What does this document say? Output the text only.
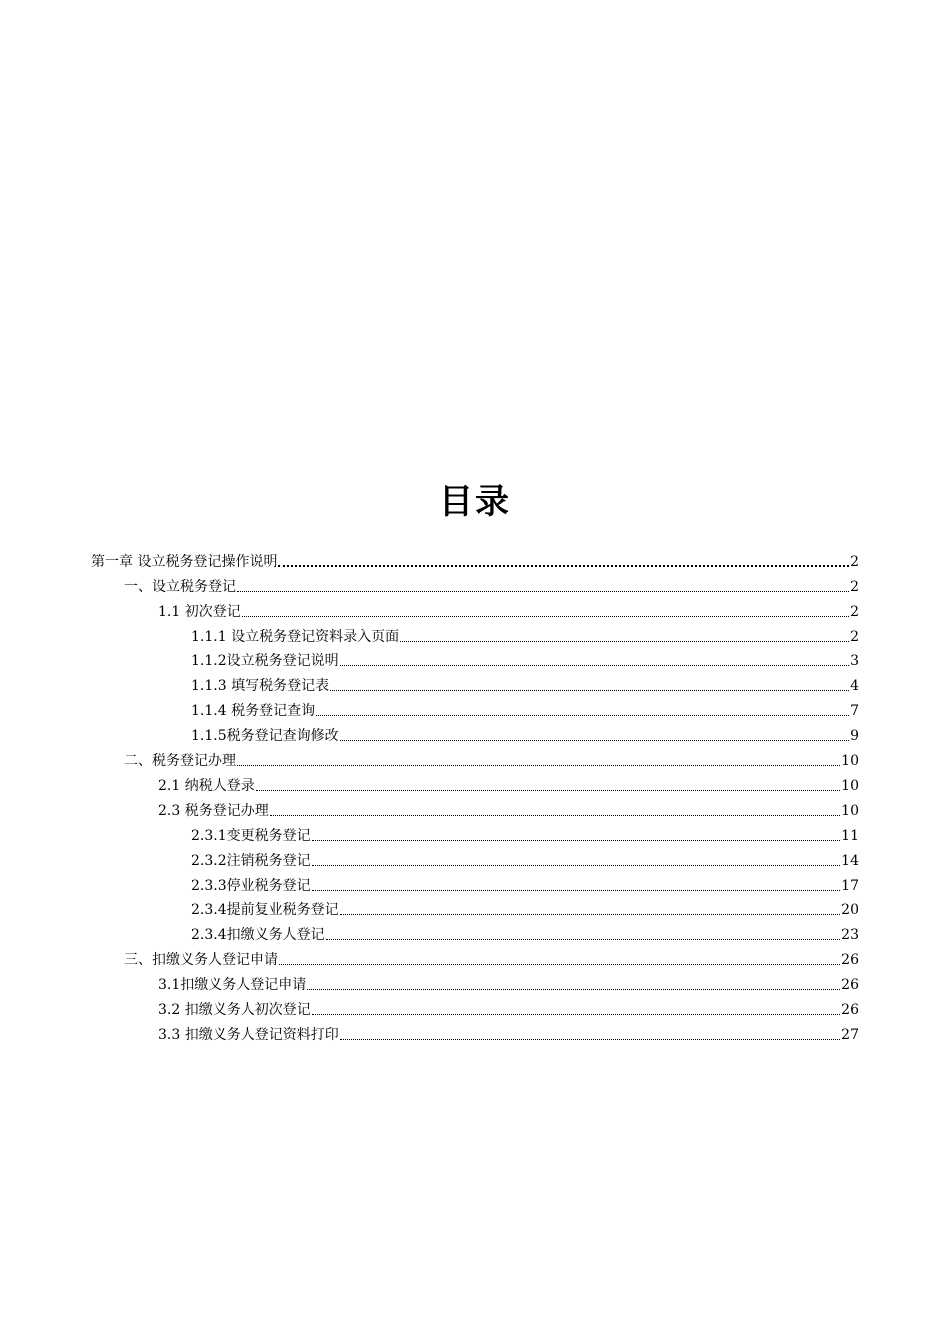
目录
第一章 设立税务登记操作说明	2
一、设立税务登记	2
1.1 初次登记	2
1.1.1 设立税务登记资料录入页面	2
1.1.2设立税务登记说明	3
1.1.3 填写税务登记表	4
1.1.4 税务登记查询	7
1.1.5税务登记查询修改	9
二、税务登记办理	10
2.1 纳税人登录	10
2.3 税务登记办理	10
2.3.1变更税务登记	11
2.3.2注销税务登记	14
2.3.3停业税务登记	17
2.3.4提前复业税务登记	20
2.3.4扣缴义务人登记	23
三、扣缴义务人登记申请	26
3.1扣缴义务人登记申请	26
3.2 扣缴义务人初次登记	26
3.3 扣缴义务人登记资料打印	27
